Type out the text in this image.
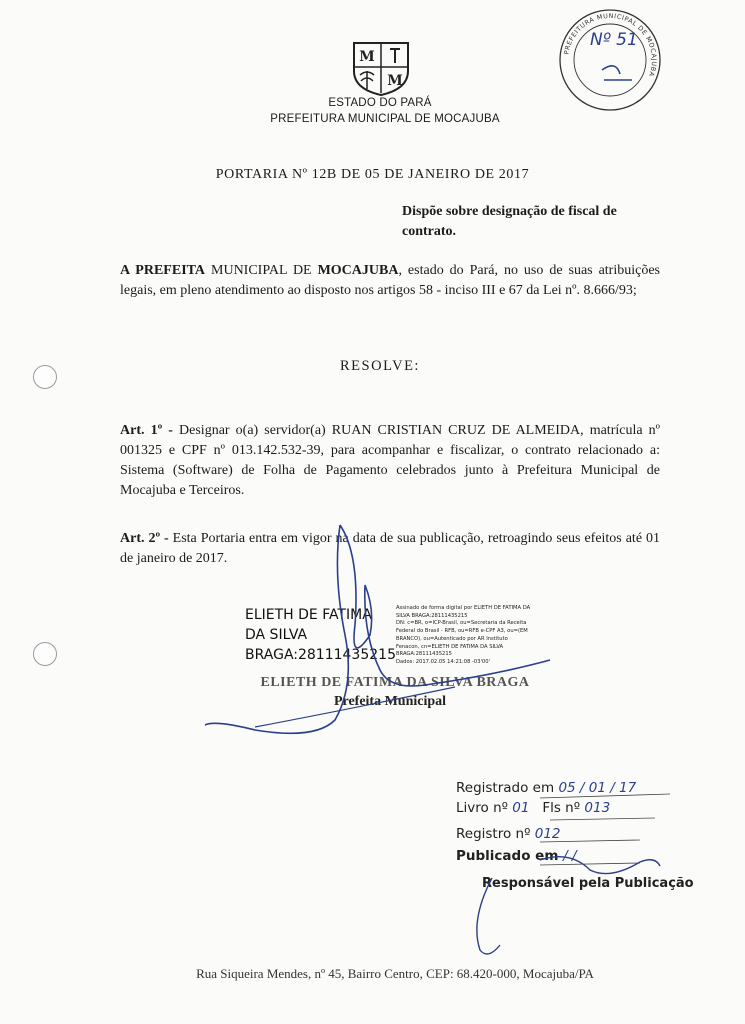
M
M
ESTADO DO PARÁ
PREFEITURA MUNICIPAL DE MOCAJUBA
PREFEITURA MUNICIPAL DE MOCAJUBA
Nº 51
PORTARIA Nº 12B DE 05 DE JANEIRO DE 2017
Dispõe sobre designação de fiscal de contrato.
A PREFEITA MUNICIPAL DE MOCAJUBA, estado do Pará, no uso de suas atribuições legais, em pleno atendimento ao disposto nos artigos 58 - inciso III e 67 da Lei nº. 8.666/93;
RESOLVE:
Art. 1º - Designar o(a) servidor(a) RUAN CRISTIAN CRUZ DE ALMEIDA, matrícula nº 001325 e CPF nº 013.142.532-39, para acompanhar e fiscalizar, o contrato relacionado a: Sistema (Software) de Folha de Pagamento celebrados junto à Prefeitura Municipal de Mocajuba e Terceiros.
Art. 2º - Esta Portaria entra em vigor na data de sua publicação, retroagindo seus efeitos até 01 de janeiro de 2017.
ELIETH DE FATIMA
DA SILVA
BRAGA:28111435215
Assinado de forma digital por ELIETH DE FATIMA DA
SILVA BRAGA:28111435215
DN: c=BR, o=ICP-Brasil, ou=Secretaria da Receita
Federal do Brasil - RFB, ou=RFB e-CPF A3, ou=(EM
BRANCO), ou=Autenticado por AR Instituto
Fenacon, cn=ELIETH DE FATIMA DA SILVA
BRAGA:28111435215
Dados: 2017.02.05 14:21:08 -03'00'
ELIETH DE FATIMA DA SILVA BRAGA
Prefeita Municipal
Registrado em 05 / 01 / 17
Livro nº 01 Fls nº 013
Registro nº 012
Publicado em / /
Responsável pela Publicação
Rua Siqueira Mendes, nº 45, Bairro Centro, CEP: 68.420-000, Mocajuba/PA
